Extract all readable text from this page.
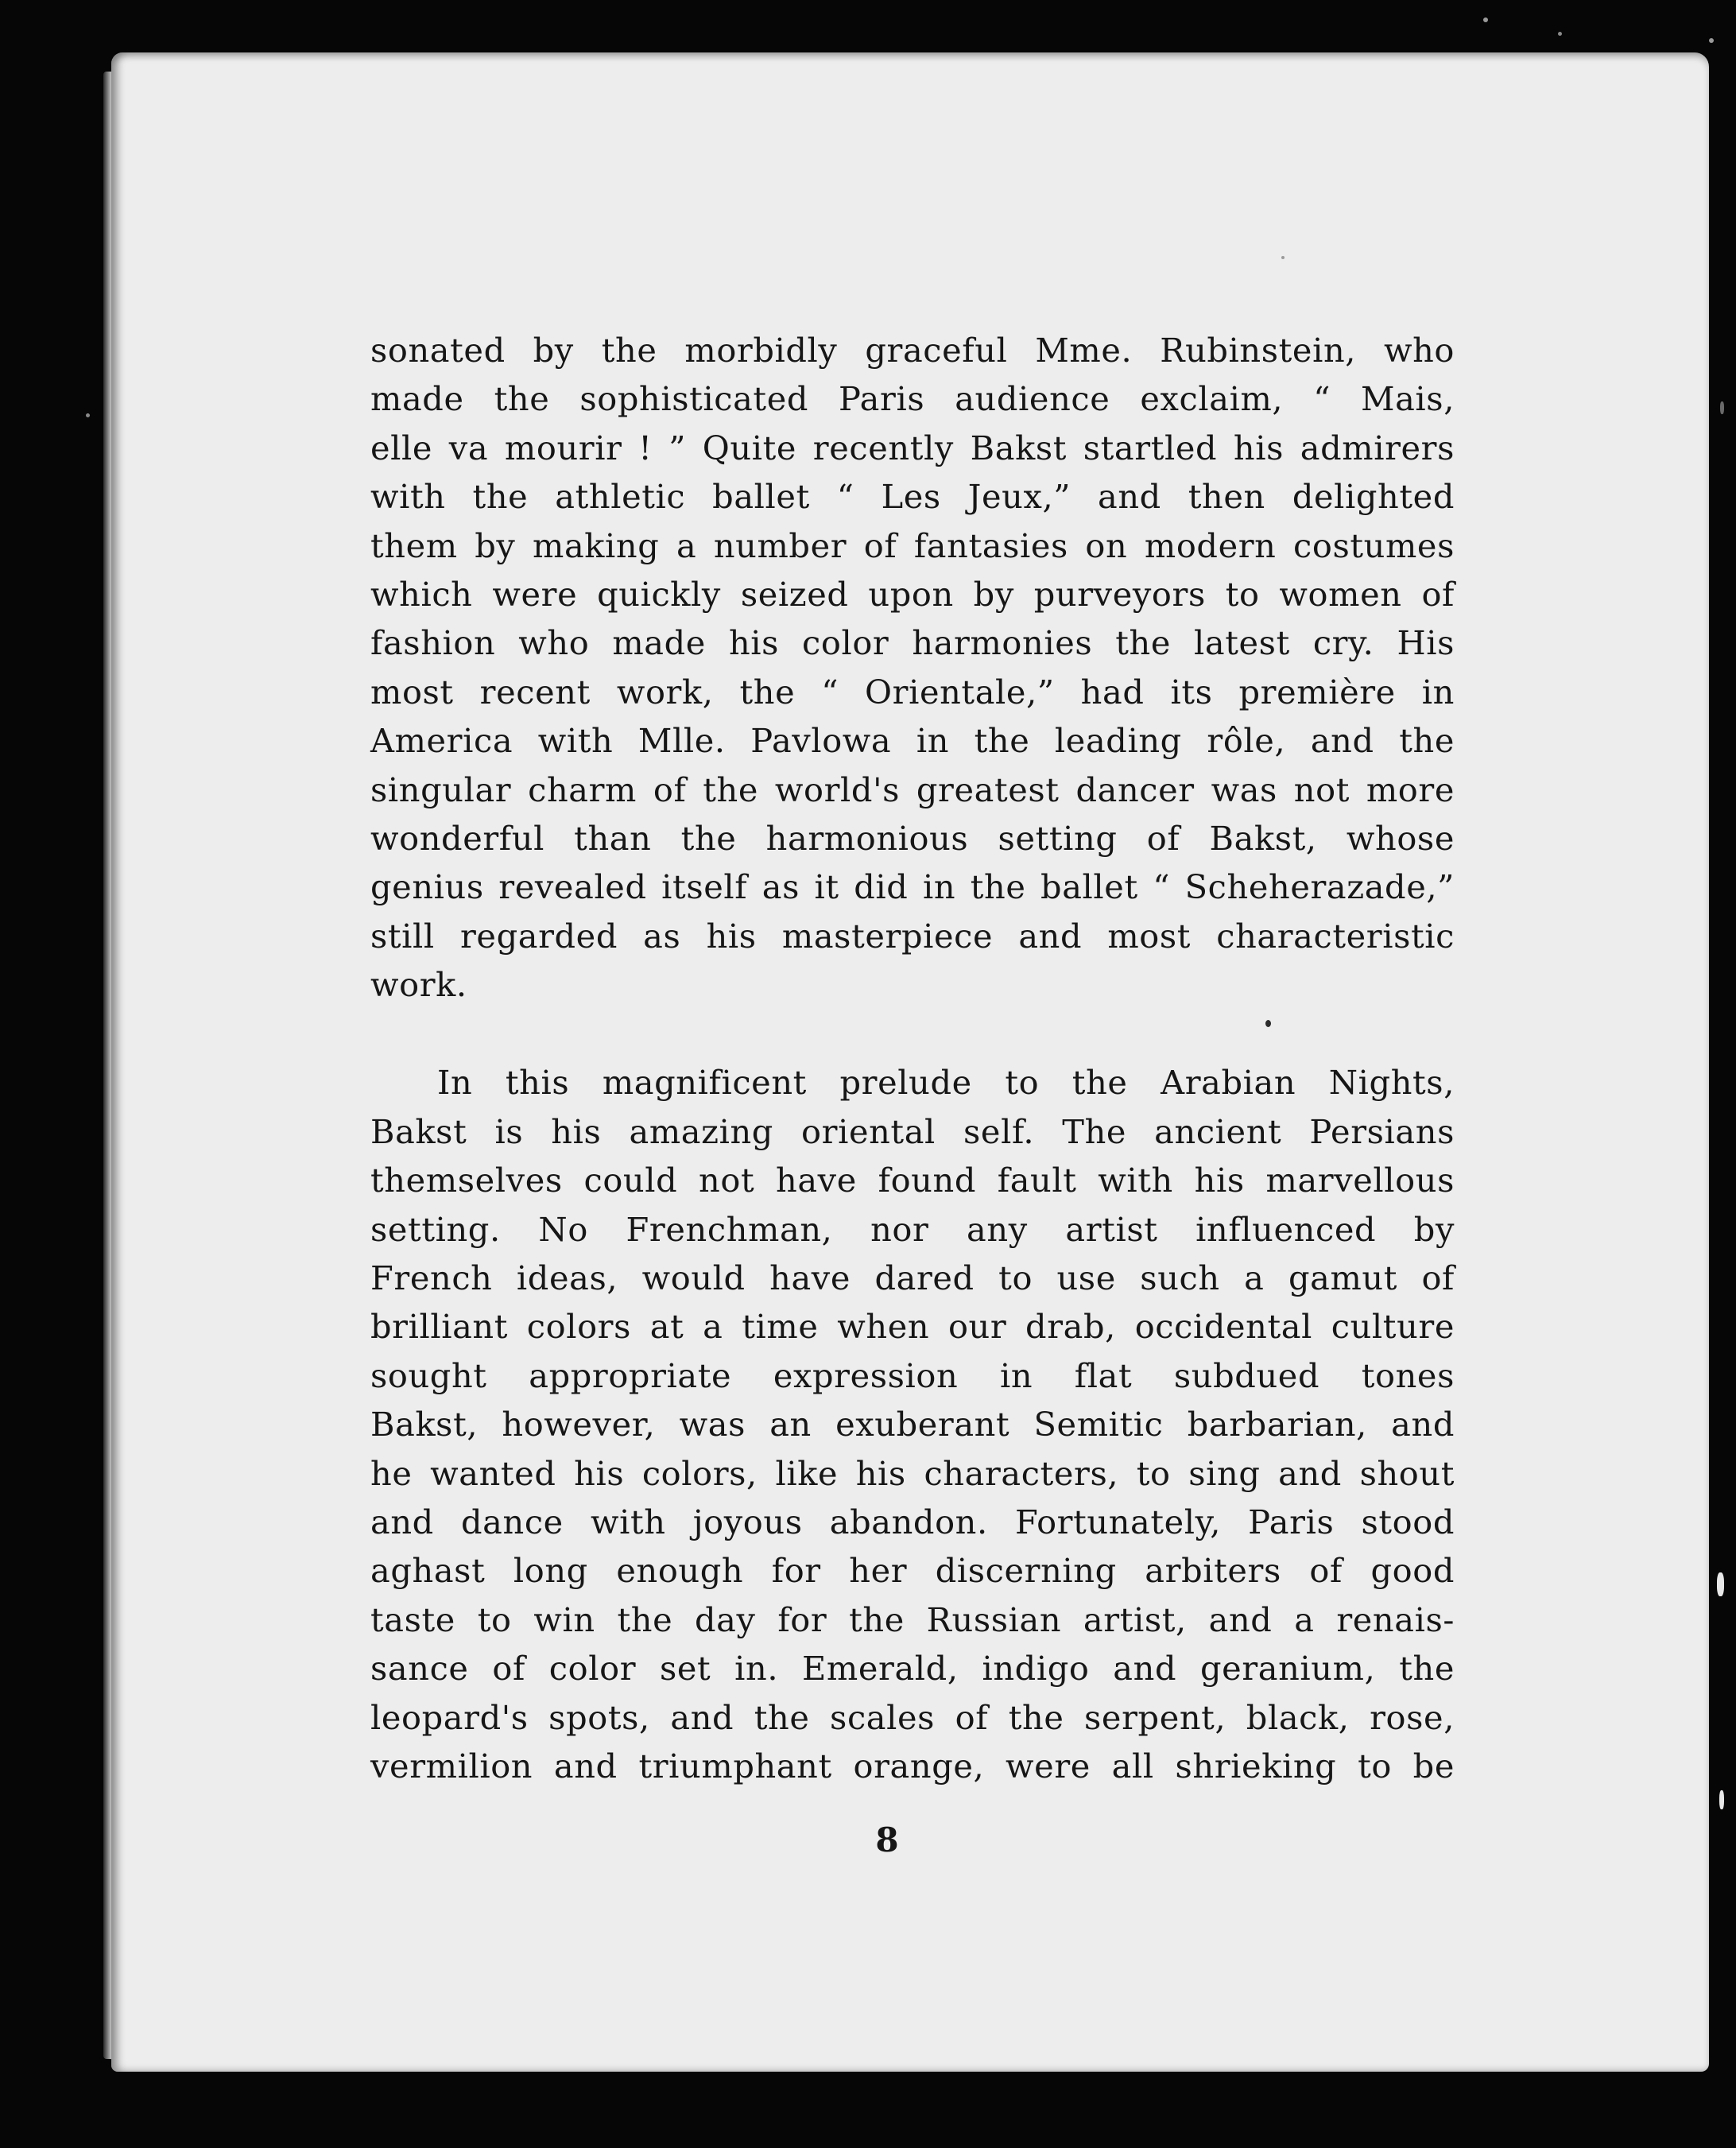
sonated by the morbidly graceful Mme. Rubinstein, who
made the sophisticated Paris audience exclaim, “ Mais,
elle va mourir ! ” Quite recently Bakst startled his admirers
with the athletic ballet “ Les Jeux,” and then delighted
them by making a number of fantasies on modern costumes
which were quickly seized upon by purveyors to women of
fashion who made his color harmonies the latest cry. His
most recent work, the “ Orientale,” had its première in
America with Mlle. Pavlowa in the leading rôle, and the
singular charm of the world's greatest dancer was not more
wonderful than the harmonious setting of Bakst, whose
genius revealed itself as it did in the ballet “ Scheherazade,”
still regarded as his masterpiece and most characteristic
work.
In this magnificent prelude to the Arabian Nights,
Bakst is his amazing oriental self. The ancient Persians
themselves could not have found fault with his marvellous
setting. No Frenchman, nor any artist influenced by
French ideas, would have dared to use such a gamut of
brilliant colors at a time when our drab, occidental culture
sought appropriate expression in flat subdued tones
Bakst, however, was an exuberant Semitic barbarian, and
he wanted his colors, like his characters, to sing and shout
and dance with joyous abandon. Fortunately, Paris stood
aghast long enough for her discerning arbiters of good
taste to win the day for the Russian artist, and a renais-
sance of color set in. Emerald, indigo and geranium, the
leopard's spots, and the scales of the serpent, black, rose,
vermilion and triumphant orange, were all shrieking to be
8
